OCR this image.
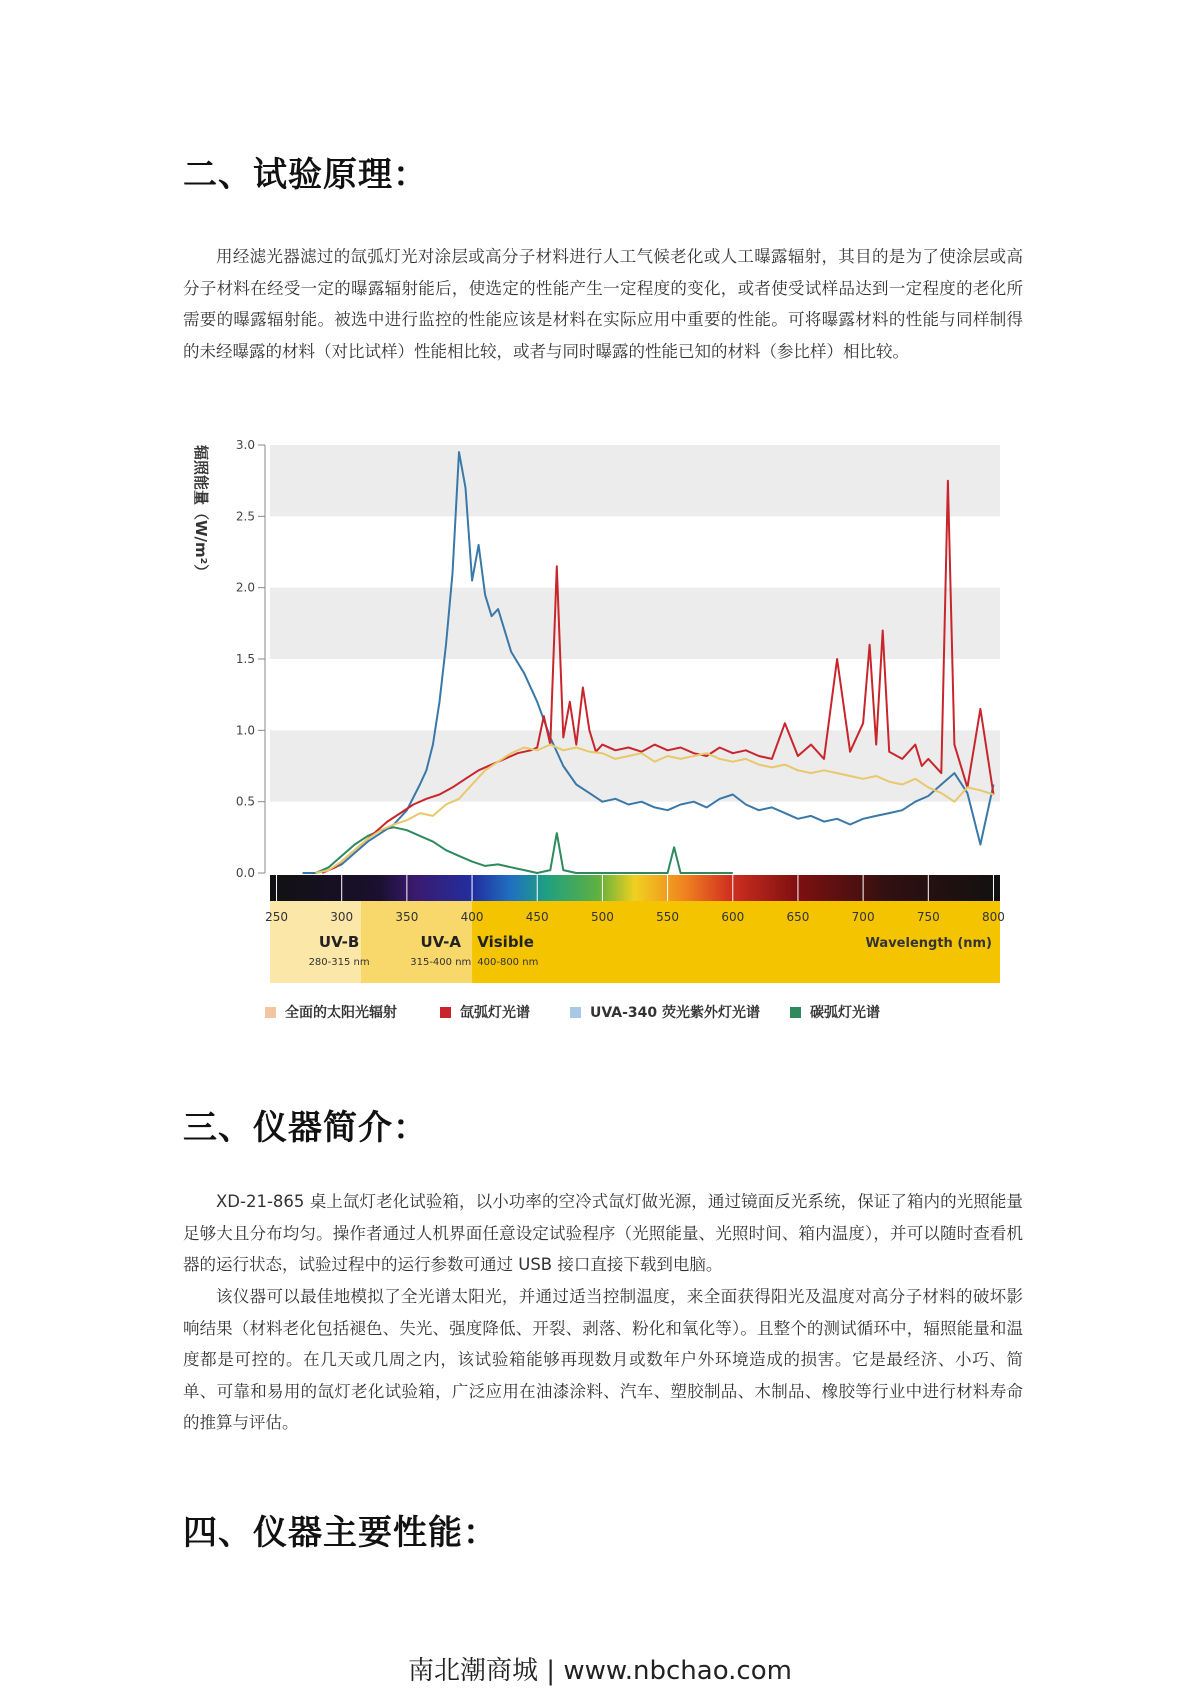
二、试验原理：

用经滤光器滤过的氙弧灯光对涂层或高分子材料进行人工气候老化或人工曝露辐射，其目的是为了使涂层或高分子材料在经受一定的曝露辐射能后，使选定的性能产生一定程度的变化，或者使受试样品达到一定程度的老化所需要的曝露辐射能。被选中进行监控的性能应该是材料在实际应用中重要的性能。可将曝露材料的性能与同样制得的未经曝露的材料（对比试样）性能相比较，或者与同时曝露的性能已知的材料（参比样）相比较。

0.0
0.5
1.0
1.5
2.0
2.5
3.0
辐照能量（W/m²）
250	300	350	400	450	500	550	600	650	700	750	800
UV-B
280-315 nm
UV-A
315-400 nm
Visible
400-800 nm
Wavelength (nm)
全面的太阳光辐射	氙弧灯光谱	UVA-340 荧光紫外灯光谱	碳弧灯光谱
三、仪器简介：

XD-21-865 桌上氙灯老化试验箱，以小功率的空冷式氙灯做光源，通过镜面反光系统，保证了箱内的光照能量足够大且分布均匀。操作者通过人机界面任意设定试验程序（光照能量、光照时间、箱内温度），并可以随时查看机器的运行状态，试验过程中的运行参数可通过 USB 接口直接下载到电脑。

该仪器可以最佳地模拟了全光谱太阳光，并通过适当控制温度，来全面获得阳光及温度对高分子材料的破坏影响结果（材料老化包括褪色、失光、强度降低、开裂、剥落、粉化和氧化等）。且整个的测试循环中，辐照能量和温度都是可控的。在几天或几周之内，该试验箱能够再现数月或数年户外环境造成的损害。它是最经济、小巧、简单、可靠和易用的氙灯老化试验箱，广泛应用在油漆涂料、汽车、塑胶制品、木制品、橡胶等行业中进行材料寿命的推算与评估。

四、仪器主要性能：
南北潮商城 | www.nbchao.com
